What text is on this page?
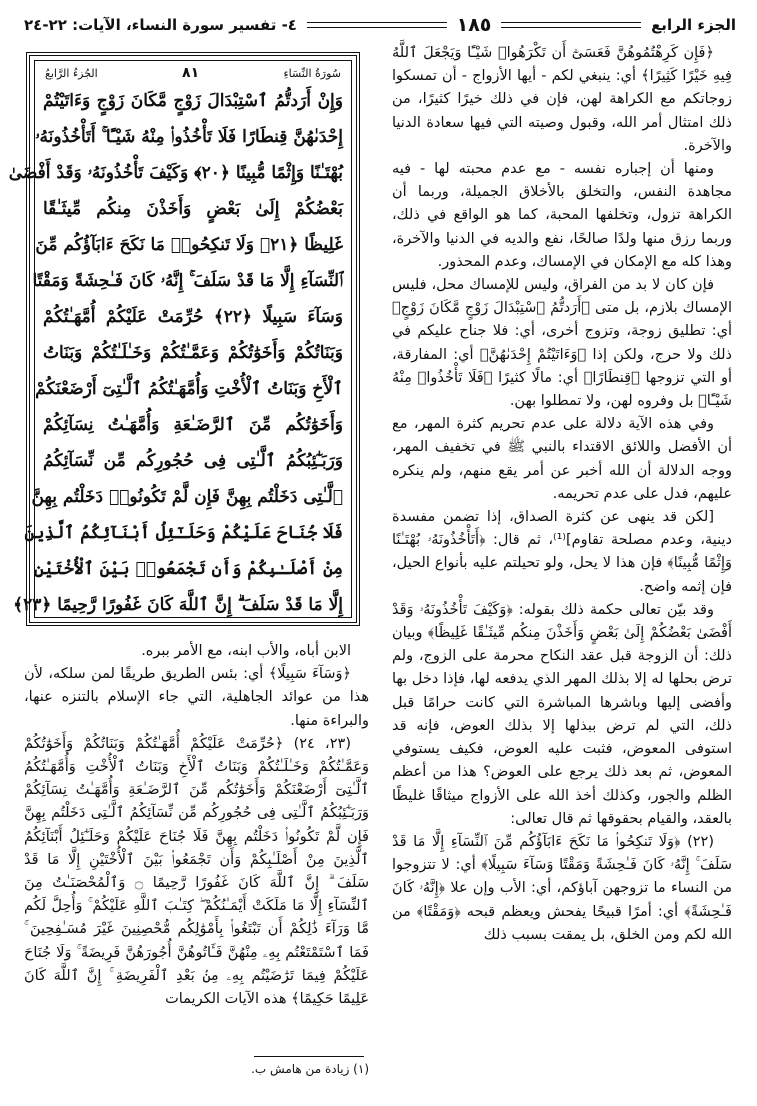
الجزء الرابع
١٨٥
٤- تفسير سورة النساء، الآيات: ٢٢-٢٤

﴿فَإِن كَرِهْتُمُوهُنَّ فَعَسَىٰٓ أَن تَكْرَهُوا۟ شَيْـًٔا وَيَجْعَلَ ٱللَّهُ فِيهِ خَيْرًا كَثِيرًا﴾ أي: ينبغي لكم - أيها الأزواج - أن تمسكوا زوجاتكم مع الكراهة لهن، فإن في ذلك خيرًا كثيرًا، من ذلك امتثال أمر الله، وقبول وصيته التي فيها سعادة الدنيا والآخرة.

ومنها أن إجباره نفسه - مع عدم محبته لها - فيه مجاهدة النفس، والتخلق بالأخلاق الجميلة، وربما أن الكراهة تزول، وتخلفها المحبة، كما هو الواقع في ذلك، وربما رزق منها ولدًا صالحًا، نفع والديه في الدنيا والآخرة، وهذا كله مع الإمكان في الإمساك، وعدم المحذور.

فإن كان لا بد من الفراق، وليس للإمساك محل، فليس الإمساك بلازم، بل متى ﴿أَرَدتُّمُ ٱسْتِبْدَالَ زَوْجٍ مَّكَانَ زَوْجٍ﴾ أي: تطليق زوجة، وتزوج أخرى، أي: فلا جناح عليكم في ذلك ولا حرج، ولكن إذا ﴿وَءَاتَيْتُمْ إِحْدَىٰهُنَّ﴾ أي: المفارقة، أو التي تزوجها ﴿قِنطَارًا﴾ أي: مالًا كثيرًا ﴿فَلَا تَأْخُذُوا۟ مِنْهُ شَيْـًٔا﴾ بل وفروه لهن، ولا تمطلوا بهن.

وفي هذه الآية دلالة على عدم تحريم كثرة المهر، مع أن الأفضل واللائق الاقتداء بالنبي ﷺ في تخفيف المهر، ووجه الدلالة أن الله أخبر عن أمر يقع منهم، ولم ينكره عليهم، فدل على عدم تحريمه.

[لكن قد ينهى عن كثرة الصداق، إذا تضمن مفسدة دينية، وعدم مصلحة تقاوم]⁽¹⁾، ثم قال: ﴿أَتَأْخُذُونَهُۥ بُهْتَـٰنًا وَإِثْمًا مُّبِينًا﴾ فإن هذا لا يحل، ولو تحيلتم عليه بأنواع الحيل، فإن إثمه واضح.

وقد بيّن تعالى حكمة ذلك بقوله: ﴿وَكَيْفَ تَأْخُذُونَهُۥ وَقَدْ أَفْضَىٰ بَعْضُكُمْ إِلَىٰ بَعْضٍ وَأَخَذْنَ مِنكُم مِّيثَـٰقًا غَلِيظًا﴾ وبيان ذلك: أن الزوجة قبل عقد النكاح محرمة على الزوج، ولم ترض بحلها له إلا بذلك المهر الذي يدفعه لها، فإذا دخل بها وأفضى إليها وباشرها المباشرة التي كانت حرامًا قبل ذلك، التي لم ترض ببذلها إلا بذلك العوض، فإنه قد استوفى المعوض، فثبت عليه العوض، فكيف يستوفي المعوض، ثم بعد ذلك يرجع على العوض؟ هذا من أعظم الظلم والجور، وكذلك أخذ الله على الأزواج ميثاقًا غليظًا بالعقد، والقيام بحقوقها ثم قال تعالى:

(٢٢) ﴿وَلَا تَنكِحُوا۟ مَا نَكَحَ ءَابَآؤُكُم مِّنَ ٱلنِّسَآءِ إِلَّا مَا قَدْ سَلَفَ ۚ إِنَّهُۥ كَانَ فَـٰحِشَةً وَمَقْتًا وَسَآءَ سَبِيلًا﴾ أي: لا تتزوجوا من النساء ما تزوجهن آباؤكم، أي: الأب وإن علا ﴿إِنَّهُۥ كَانَ فَـٰحِشَةً﴾ أي: أمرًا قبيحًا يفحش ويعظم قبحه ﴿وَمَقْتًا﴾ من الله لكم ومن الخلق، بل يمقت بسبب ذلك

سُورَةُ النِّسَاءِ
٨١
الجُزءُ الرَّابعُ
وَإِنْ أَرَدتُّمُ ٱسْتِبْدَالَ زَوْجٍ مَّكَانَ زَوْجٍ وَءَاتَيْتُمْ
إِحْدَىٰهُنَّ قِنطَارًا فَلَا تَأْخُذُوا۟ مِنْهُ شَيْـًٔا ۚ أَتَأْخُذُونَهُۥ
بُهْتَـٰنًا وَإِثْمًا مُّبِينًا ﴿٢٠﴾ وَكَيْفَ تَأْخُذُونَهُۥ وَقَدْ أَفْضَىٰ
بَعْضُكُمْ إِلَىٰ بَعْضٍ وَأَخَذْنَ مِنكُم مِّيثَـٰقًا
غَلِيظًا ﴿٢١﴾ وَلَا تَنكِحُوا۟ مَا نَكَحَ ءَابَآؤُكُم مِّنَ
ٱلنِّسَآءِ إِلَّا مَا قَدْ سَلَفَ ۚ إِنَّهُۥ كَانَ فَـٰحِشَةً وَمَقْتًا
وَسَآءَ سَبِيلًا ﴿٢٢﴾ حُرِّمَتْ عَلَيْكُمْ أُمَّهَـٰتُكُمْ
وَبَنَاتُكُمْ وَأَخَوَٰتُكُمْ وَعَمَّـٰتُكُمْ وَخَـٰلَـٰتُكُمْ وَبَنَاتُ
ٱلْأَخِ وَبَنَاتُ ٱلْأُخْتِ وَأُمَّهَـٰتُكُمُ ٱلَّـٰتِىٓ أَرْضَعْنَكُمْ
وَأَخَوَٰتُكُم مِّنَ ٱلرَّضَـٰعَةِ وَأُمَّهَـٰتُ نِسَآئِكُمْ
وَرَبَـٰٓئِبُكُمُ ٱلَّـٰتِى فِى حُجُورِكُم مِّن نِّسَآئِكُمُ
ٱلَّـٰتِى دَخَلْتُم بِهِنَّ فَإِن لَّمْ تَكُونُوا۟ دَخَلْتُم بِهِنَّ
فَلَا جُنَاحَ عَلَيْكُمْ وَحَلَـٰٓئِلُ أَبْنَآئِكُمُ ٱلَّذِينَ
مِنْ أَصْلَـٰبِكُمْ وَأَن تَجْمَعُوا۟ بَيْنَ ٱلْأُخْتَيْنِ
إِلَّا مَا قَدْ سَلَفَ ۗ إِنَّ ٱللَّهَ كَانَ غَفُورًا رَّحِيمًا ﴿٢٣﴾

الابن أباه، والأب ابنه، مع الأمر ببره.

﴿وَسَآءَ سَبِيلًا﴾ أي: بئس الطريق طريقًا لمن سلكه، لأن هذا من عوائد الجاهلية، التي جاء الإسلام بالتنزه عنها، والبراءة منها.

(٢٣، ٢٤) ﴿حُرِّمَتْ عَلَيْكُمْ أُمَّهَـٰتُكُمْ وَبَنَاتُكُمْ وَأَخَوَٰتُكُمْ وَعَمَّـٰتُكُمْ وَخَـٰلَـٰتُكُمْ وَبَنَاتُ ٱلْأَخِ وَبَنَاتُ ٱلْأُخْتِ وَأُمَّهَـٰتُكُمُ ٱلَّـٰتِىٓ أَرْضَعْنَكُمْ وَأَخَوَٰتُكُم مِّنَ ٱلرَّضَـٰعَةِ وَأُمَّهَـٰتُ نِسَآئِكُمْ وَرَبَـٰٓئِبُكُمُ ٱلَّـٰتِى فِى حُجُورِكُم مِّن نِّسَآئِكُمُ ٱلَّـٰتِى دَخَلْتُم بِهِنَّ فَإِن لَّمْ تَكُونُوا۟ دَخَلْتُم بِهِنَّ فَلَا جُنَاحَ عَلَيْكُمْ وَحَلَـٰٓئِلُ أَبْنَآئِكُمُ ٱلَّذِينَ مِنْ أَصْلَـٰبِكُمْ وَأَن تَجْمَعُوا۟ بَيْنَ ٱلْأُخْتَيْنِ إِلَّا مَا قَدْ سَلَفَ ۗ إِنَّ ٱللَّهَ كَانَ غَفُورًا رَّحِيمًا ۝ وَٱلْمُحْصَنَـٰتُ مِنَ ٱلنِّسَآءِ إِلَّا مَا مَلَكَتْ أَيْمَـٰنُكُمْ ۖ كِتَـٰبَ ٱللَّهِ عَلَيْكُمْ ۚ وَأُحِلَّ لَكُم مَّا وَرَآءَ ذَٰلِكُمْ أَن تَبْتَغُوا۟ بِأَمْوَٰلِكُم مُّحْصِنِينَ غَيْرَ مُسَـٰفِحِينَ ۚ فَمَا ٱسْتَمْتَعْتُم بِهِۦ مِنْهُنَّ فَـَٔاتُوهُنَّ أُجُورَهُنَّ فَرِيضَةً ۚ وَلَا جُنَاحَ عَلَيْكُمْ فِيمَا تَرَٰضَيْتُم بِهِۦ مِنۢ بَعْدِ ٱلْفَرِيضَةِ ۚ إِنَّ ٱللَّهَ كَانَ عَلِيمًا حَكِيمًا﴾ هذه الآيات الكريمات

(١) زيادة من هامش ب.
